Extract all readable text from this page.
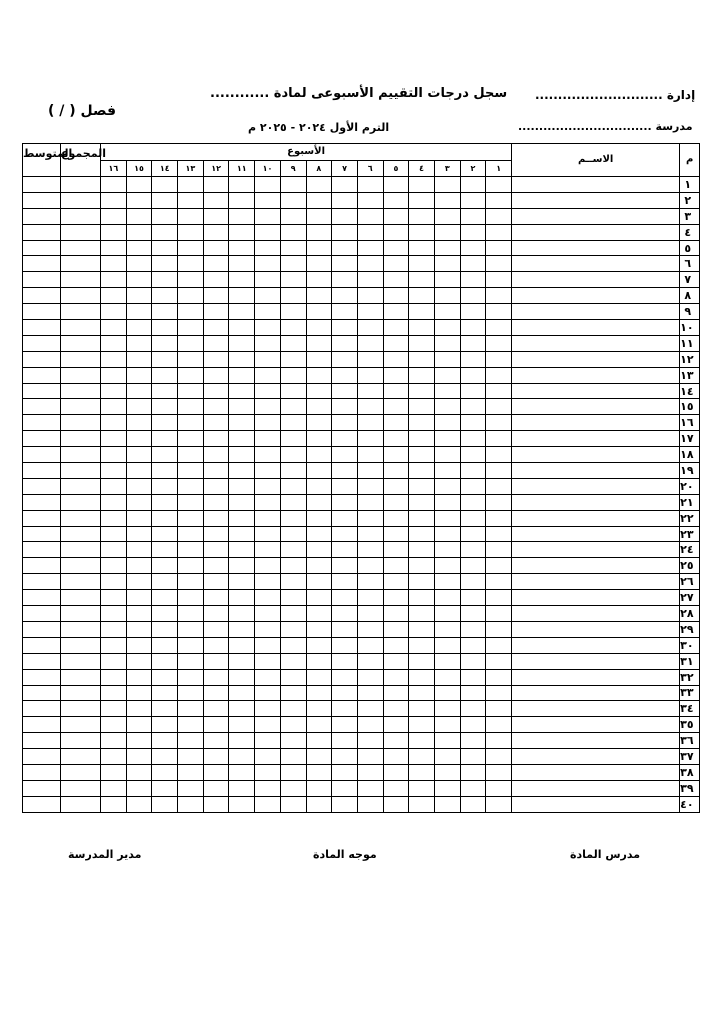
سجل درجات التقييم الأسبوعى لمادة ............ إدارة ............................
فصل ( / )
الترم الأول ٢٠٢٤ - ٢٠٢٥ م	مدرسة ................................
المتوسط	المجموع	الأسبوع																الاســم	م
		١٦	١٥	١٤	١٣	١٢	١١	١٠	٩	٨	٧	٦	٥	٤	٣	٢	١		
																			١
																			٢
																			٣
																			٤
																			٥
																			٦
																			٧
																			٨
																			٩
																			١٠
																			١١
																			١٢
																			١٣
																			١٤
																			١٥
																			١٦
																			١٧
																			١٨
																			١٩
																			٢٠
																			٢١
																			٢٢
																			٢٣
																			٢٤
																			٢٥
																			٢٦
																			٢٧
																			٢٨
																			٢٩
																			٣٠
																			٣١
																			٣٢
																			٣٣
																			٣٤
																			٣٥
																			٣٦
																			٣٧
																			٣٨
																			٣٩
																			٤٠
مدرس المادة
موجه المادة
مدير المدرسة
